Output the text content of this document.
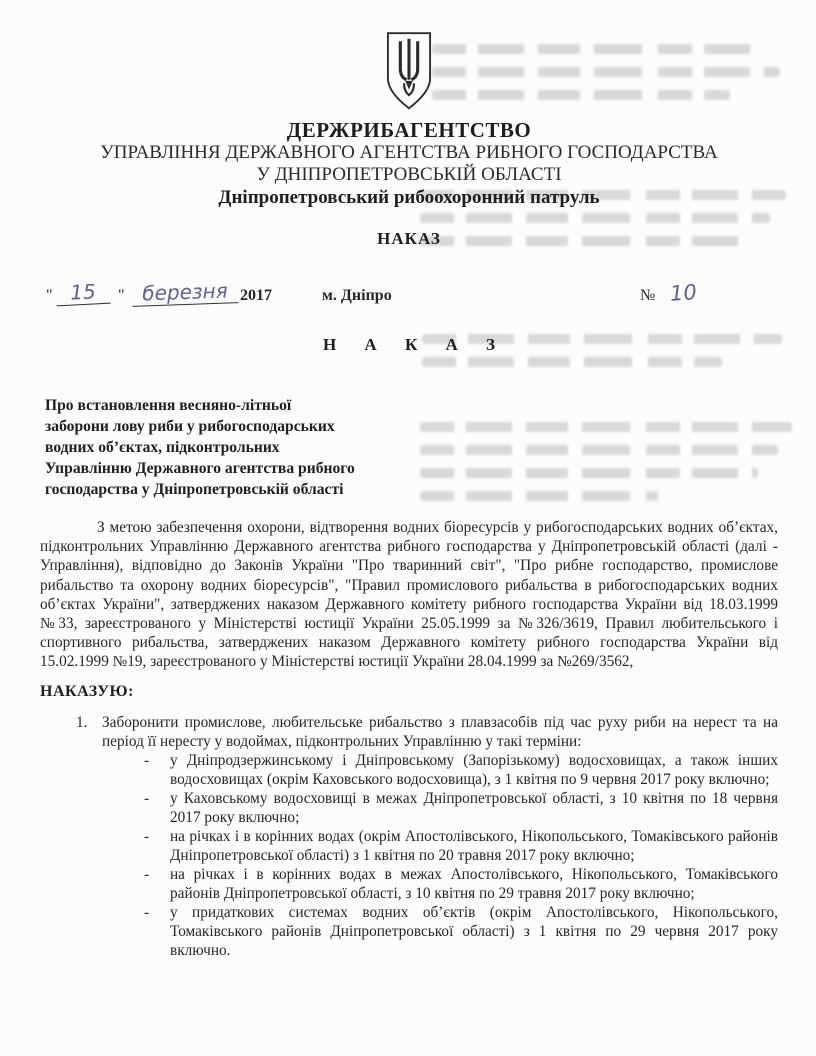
ДЕРЖРИБАГЕНТСТВО
УПРАВЛІННЯ ДЕРЖАВНОГО АГЕНТСТВА РИБНОГО ГОСПОДАРСТВА
У ДНІПРОПЕТРОВСЬКІЙ ОБЛАСТІ
Дніпропетровський рибоохоронний патруль
НАКАЗ
" 15	" березня 2017	м. Дніпро	№ 10
Н А К А З
Про встановлення весняно-літньої
заборони лову риби у рибогосподарських
водних об’єктах, підконтрольних
Управлінню Державного агентства рибного
господарства у Дніпропетровській області

З метою забезпечення охорони, відтворення водних біоресурсів у рибогосподарських водних об’єктах, підконтрольних Управлінню Державного агентства рибного господарства у Дніпропетровській області (далі - Управління), відповідно до Законів України "Про тваринний світ", "Про рибне господарство, промислове рибальство та охорону водних біоресурсів", "Правил промислового рибальства в рибогосподарських водних об’єктах України", затверджених наказом Державного комітету рибного господарства України від 18.03.1999 №33, зареєстрованого у Міністерстві юстиції України 25.05.1999 за №326/3619, Правил любительського і спортивного рибальства, затверджених наказом Державного комітету рибного господарства України від 15.02.1999 №19, зареєстрованого у Міністерстві юстиції України 28.04.1999 за №269/3562,

НАКАЗУЮ:
1. Заборонити промислове, любительське рибальство з плавзасобів під час руху риби на нерест та на період її нересту у водоймах, підконтрольних Управлінню у такі терміни:
-	у Дніпродзержинському і Дніпровському (Запорізькому) водосховищах, а також інших водосховищах (окрім Каховського водосховища), з 1 квітня по 9 червня 2017 року включно;
-	у Каховському водосховищі в межах Дніпропетровської області, з 10 квітня по 18 червня 2017 року включно;
-	на річках і в корінних водах (окрім Апостолівського, Нікопольського, Томаківського районів Дніпропетровської області) з 1 квітня по 20 травня 2017 року включно;
-	на річках і в корінних водах в межах Апостолівського, Нікопольського, Томаківського районів Дніпропетровської області, з 10 квітня по 29 травня 2017 року включно;
-	у придаткових системах водних об’єктів (окрім Апостолівського, Нікопольського, Томаківського районів Дніпропетровської області) з 1 квітня по 29 червня 2017 року включно.
